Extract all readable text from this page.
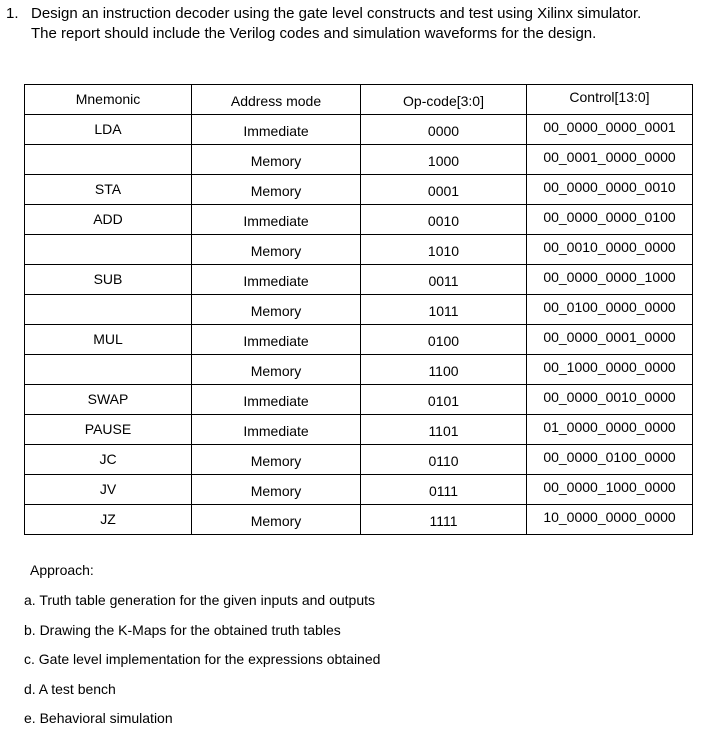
1. Design an instruction decoder using the gate level constructs and test using Xilinx simulator.
The report should include the Verilog codes and simulation waveforms for the design.
Mnemonic	Address mode	Op-code[3:0]	Control[13:0]
LDA	Immediate	0000	00_0000_0000_0001
	Memory	1000	00_0001_0000_0000
STA	Memory	0001	00_0000_0000_0010
ADD	Immediate	0010	00_0000_0000_0100
	Memory	1010	00_0010_0000_0000
SUB	Immediate	0011	00_0000_0000_1000
	Memory	1011	00_0100_0000_0000
MUL	Immediate	0100	00_0000_0001_0000
	Memory	1100	00_1000_0000_0000
SWAP	Immediate	0101	00_0000_0010_0000
PAUSE	Immediate	1101	01_0000_0000_0000
JC	Memory	0110	00_0000_0100_0000
JV	Memory	0111	00_0000_1000_0000
JZ	Memory	1111	10_0000_0000_0000
Approach:
a. Truth table generation for the given inputs and outputs
b. Drawing the K-Maps for the obtained truth tables
c. Gate level implementation for the expressions obtained
d. A test bench
e. Behavioral simulation
